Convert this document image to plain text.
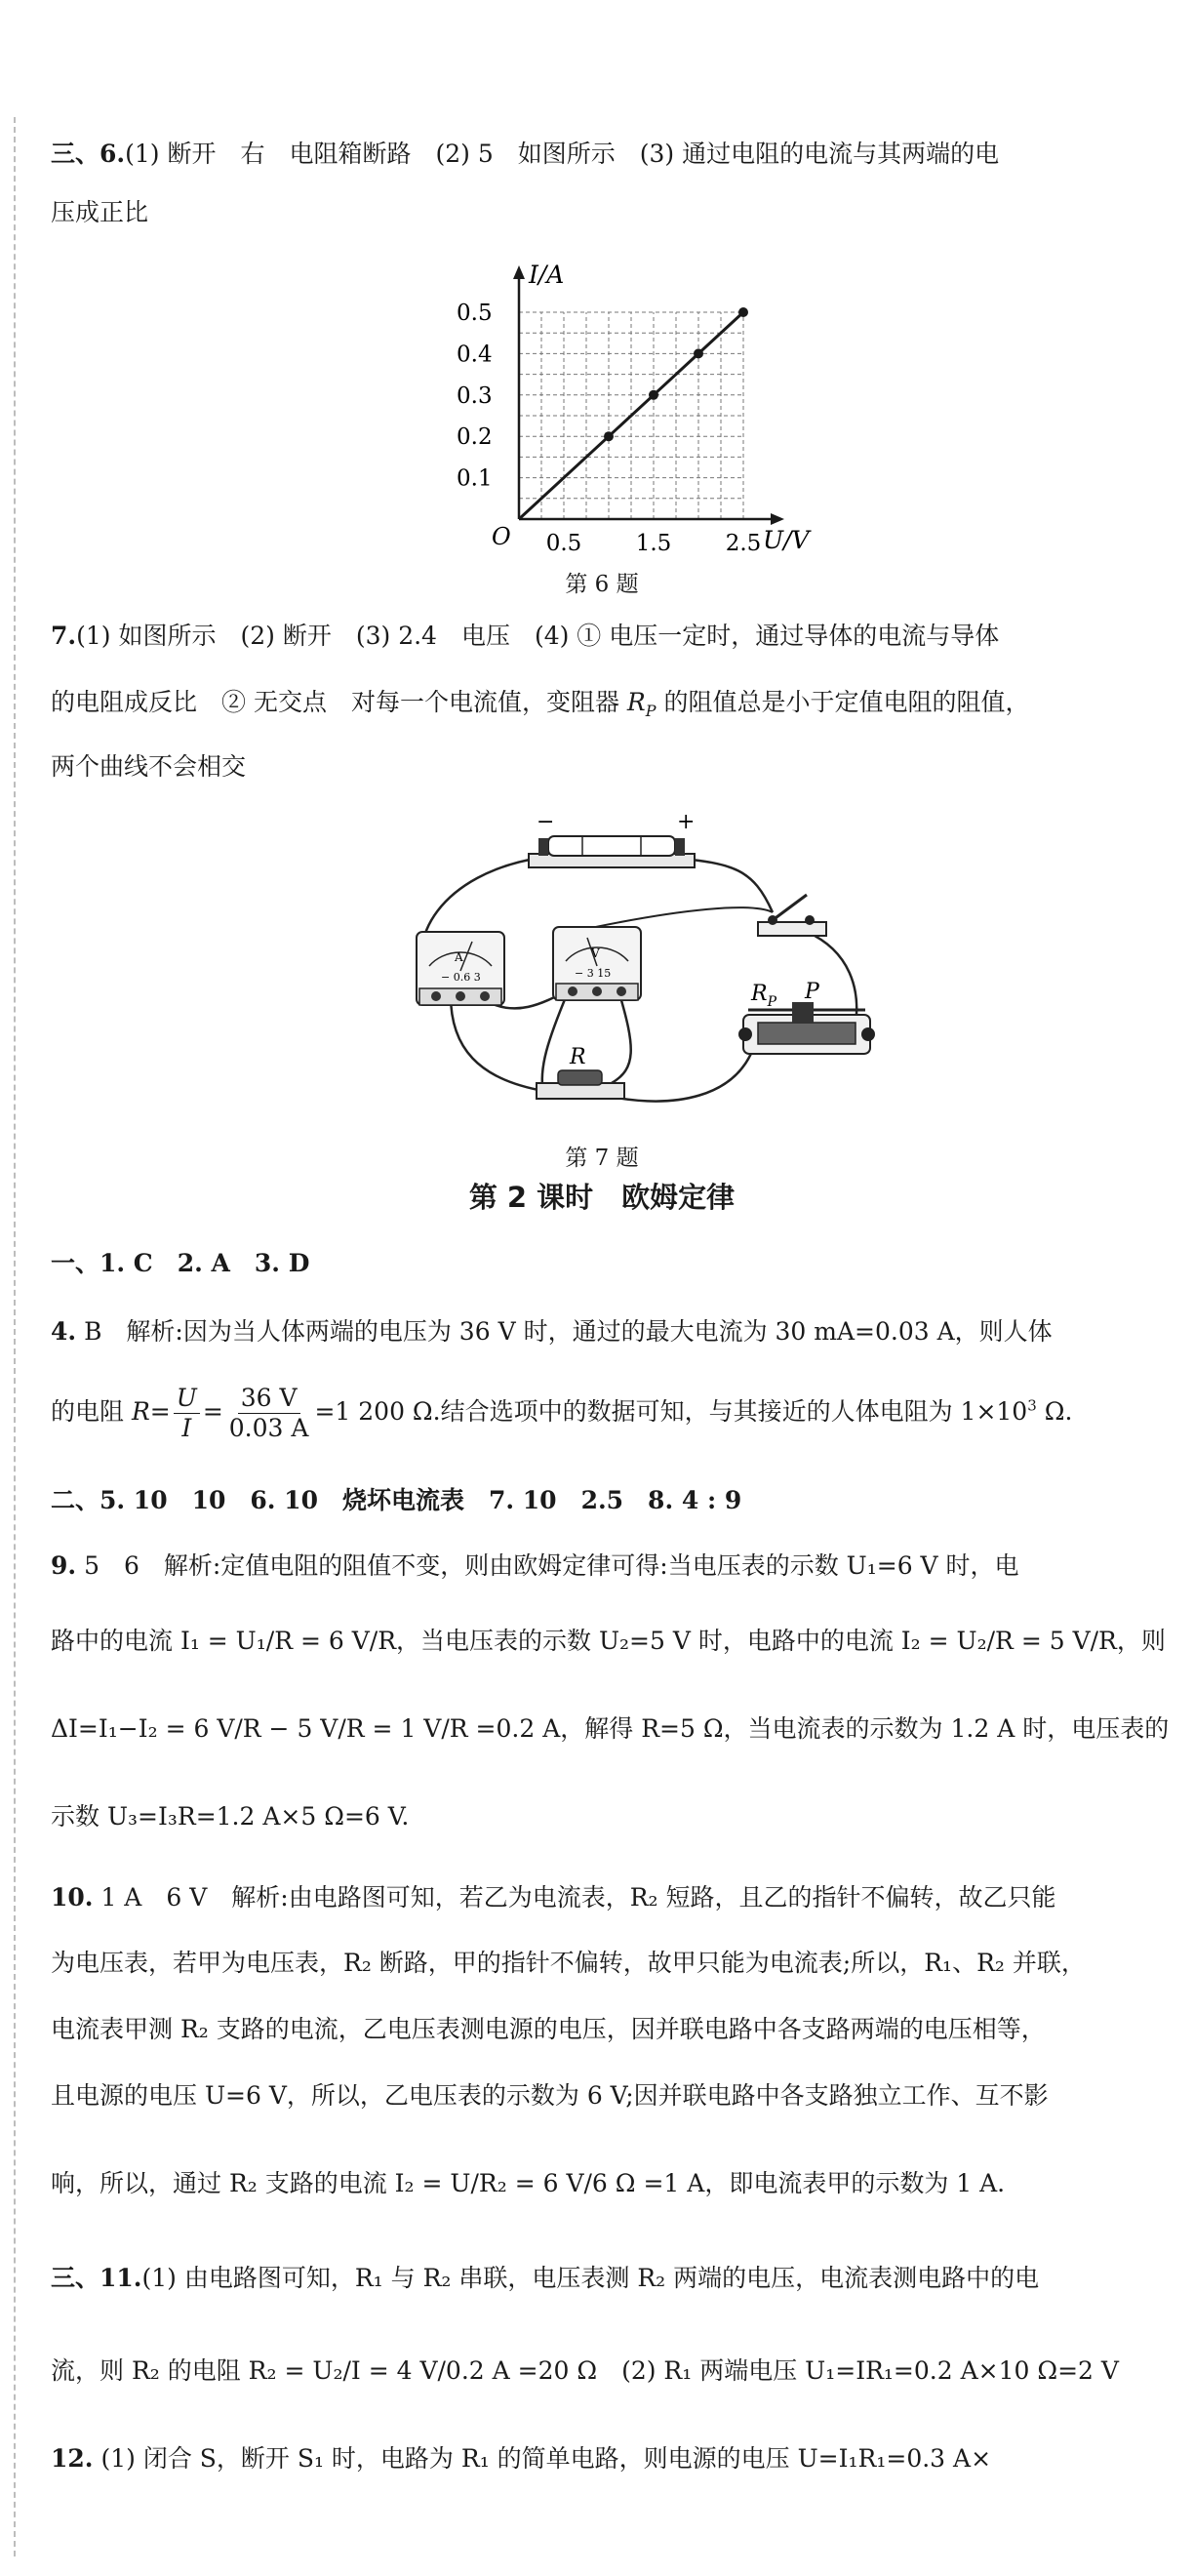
三、6.(1) 断开　右　电阻箱断路　(2) 5　如图所示　(3) 通过电阻的电流与其两端的电
压成正比
I/A
U/V
O
0.1
0.2
0.3
0.4
0.5
0.5 1.5 2.5
第 6 题
7.(1) 如图所示　(2) 断开　(3) 2.4　电压　(4) ① 电压一定时，通过导体的电流与导体
的电阻成反比　② 无交点　对每一个电流值，变阻器 $R_P$ 的阻值总是小于定值电阻的阻值，
两个曲线不会相交
−	+
A
− 0.6 3
V
− 3 15
R
$R_P$ P
第 7 题
第 2 课时　欧姆定律
一、1. C　2. A　3. D
4. B　解析:因为当人体两端的电压为 36 V 时，通过的最大电流为 30 mA=0.03 A，则人体
的电阻 $R= \frac{U}{I} = \frac{36 V}{0.03 A} =1$ 200 Ω.结合选项中的数据可知，与其接近的人体电阻为 $1\times 10^3$ Ω.
二、5. 10　10　6. 10　烧坏电流表　7. 10　2.5　8. 4 : 9
9. 5　6　解析:定值电阻的阻值不变，则由欧姆定律可得:当电压表的示数 U₁=6 V 时，电
路中的电流 I₁ = U₁/R = 6 V/R，当电压表的示数 U₂=5 V 时，电路中的电流 I₂ = U₂/R = 5 V/R，则
ΔI=I₁−I₂ = 6 V/R − 5 V/R = 1 V/R =0.2 A，解得 R=5 Ω，当电流表的示数为 1.2 A 时，电压表的
示数 U₃=I₃R=1.2 A×5 Ω=6 V.
10. 1 A　6 V　解析:由电路图可知，若乙为电流表，R₂ 短路，且乙的指针不偏转，故乙只能
为电压表，若甲为电压表，R₂ 断路，甲的指针不偏转，故甲只能为电流表;所以，R₁、R₂ 并联，
电流表甲测 R₂ 支路的电流，乙电压表测电源的电压，因并联电路中各支路两端的电压相等，
且电源的电压 U=6 V，所以，乙电压表的示数为 6 V;因并联电路中各支路独立工作、互不影
响，所以，通过 R₂ 支路的电流 I₂ = U/R₂ = 6 V/6 Ω =1 A，即电流表甲的示数为 1 A.
三、11.(1) 由电路图可知，R₁ 与 R₂ 串联，电压表测 R₂ 两端的电压，电流表测电路中的电
流，则 R₂ 的电阻 R₂ = U₂/I = 4 V/0.2 A =20 Ω　(2) R₁ 两端电压 U₁=IR₁=0.2 A×10 Ω=2 V
12. (1) 闭合 S，断开 S₁ 时，电路为 R₁ 的简单电路，则电源的电压 U=I₁R₁=0.3 A×
